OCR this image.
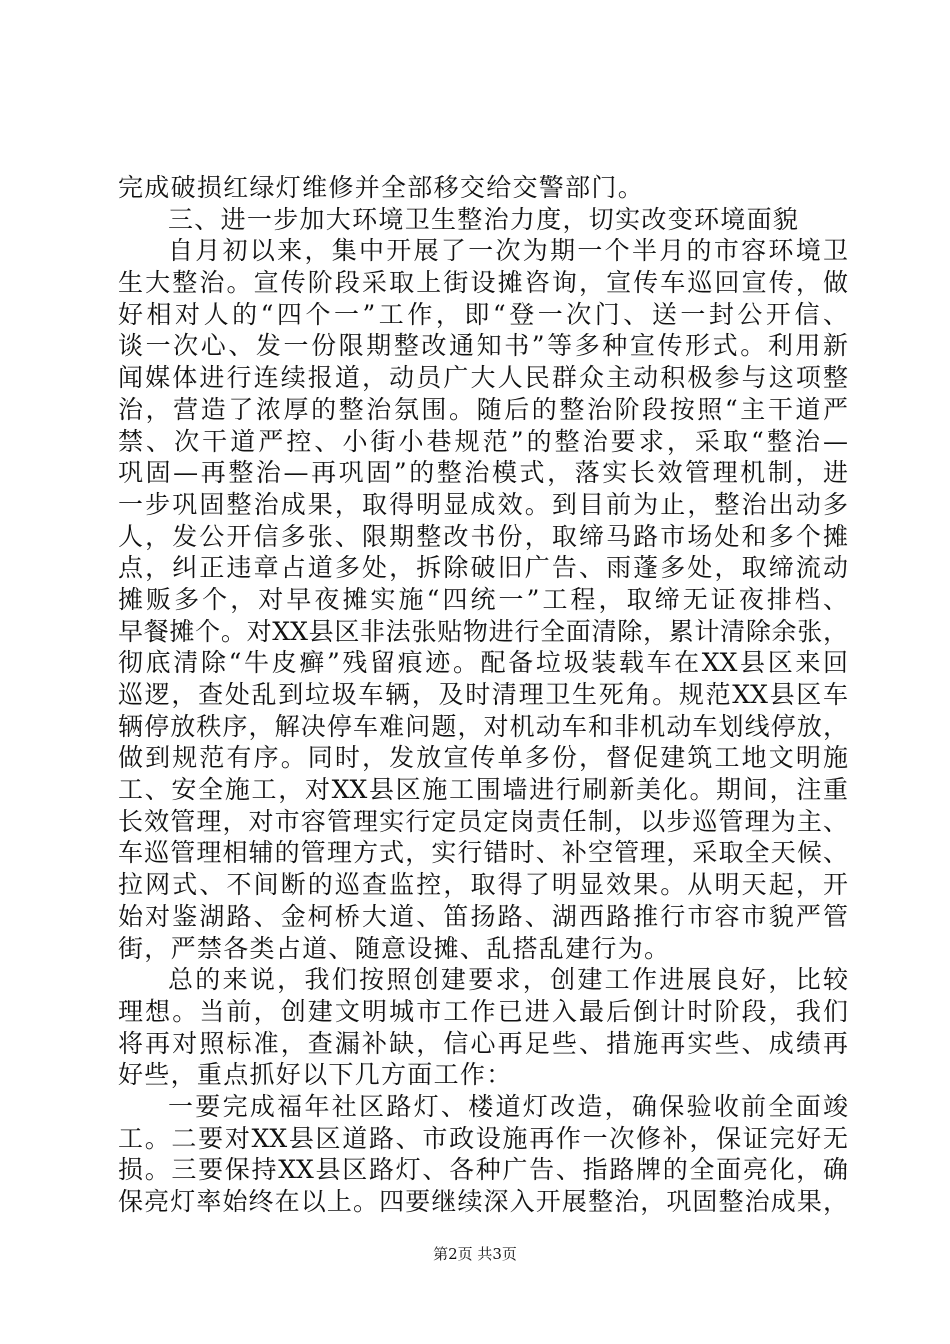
完成破损红绿灯维修并全部移交给交警部门。
三、进一步加大环境卫生整治力度，切实改变环境面貌
自月初以来，集中开展了一次为期一个半月的市容环境卫
生大整治。宣传阶段采取上街设摊咨询，宣传车巡回宣传，做
好相对人的“四个一”工作，即“登一次门、送一封公开信、
谈一次心、发一份限期整改通知书”等多种宣传形式。利用新
闻媒体进行连续报道，动员广大人民群众主动积极参与这项整
治，营造了浓厚的整治氛围。随后的整治阶段按照“主干道严
禁、次干道严控、小街小巷规范”的整治要求，采取“整治—
巩固—再整治—再巩固”的整治模式，落实长效管理机制，进
一步巩固整治成果，取得明显成效。到目前为止，整治出动多
人，发公开信多张、限期整改书份，取缔马路市场处和多个摊
点，纠正违章占道多处，拆除破旧广告、雨蓬多处，取缔流动
摊贩多个，对早夜摊实施“四统一”工程，取缔无证夜排档、
早餐摊个。对XX县区非法张贴物进行全面清除，累计清除余张，
彻底清除“牛皮癣”残留痕迹。配备垃圾装载车在XX县区来回
巡逻，查处乱到垃圾车辆，及时清理卫生死角。规范XX县区车
辆停放秩序，解决停车难问题，对机动车和非机动车划线停放，
做到规范有序。同时，发放宣传单多份，督促建筑工地文明施
工、安全施工，对XX县区施工围墙进行刷新美化。期间，注重
长效管理，对市容管理实行定员定岗责任制，以步巡管理为主、
车巡管理相辅的管理方式，实行错时、补空管理，采取全天候、
拉网式、不间断的巡查监控，取得了明显效果。从明天起，开
始对鉴湖路、金柯桥大道、笛扬路、湖西路推行市容市貌严管
街，严禁各类占道、随意设摊、乱搭乱建行为。
总的来说，我们按照创建要求，创建工作进展良好，比较
理想。当前，创建文明城市工作已进入最后倒计时阶段，我们
将再对照标准，查漏补缺，信心再足些、措施再实些、成绩再
好些，重点抓好以下几方面工作：
一要完成福年社区路灯、楼道灯改造，确保验收前全面竣
工。二要对XX县区道路、市政设施再作一次修补，保证完好无
损。三要保持XX县区路灯、各种广告、指路牌的全面亮化，确
保亮灯率始终在以上。四要继续深入开展整治，巩固整治成果，
第2页 共3页
